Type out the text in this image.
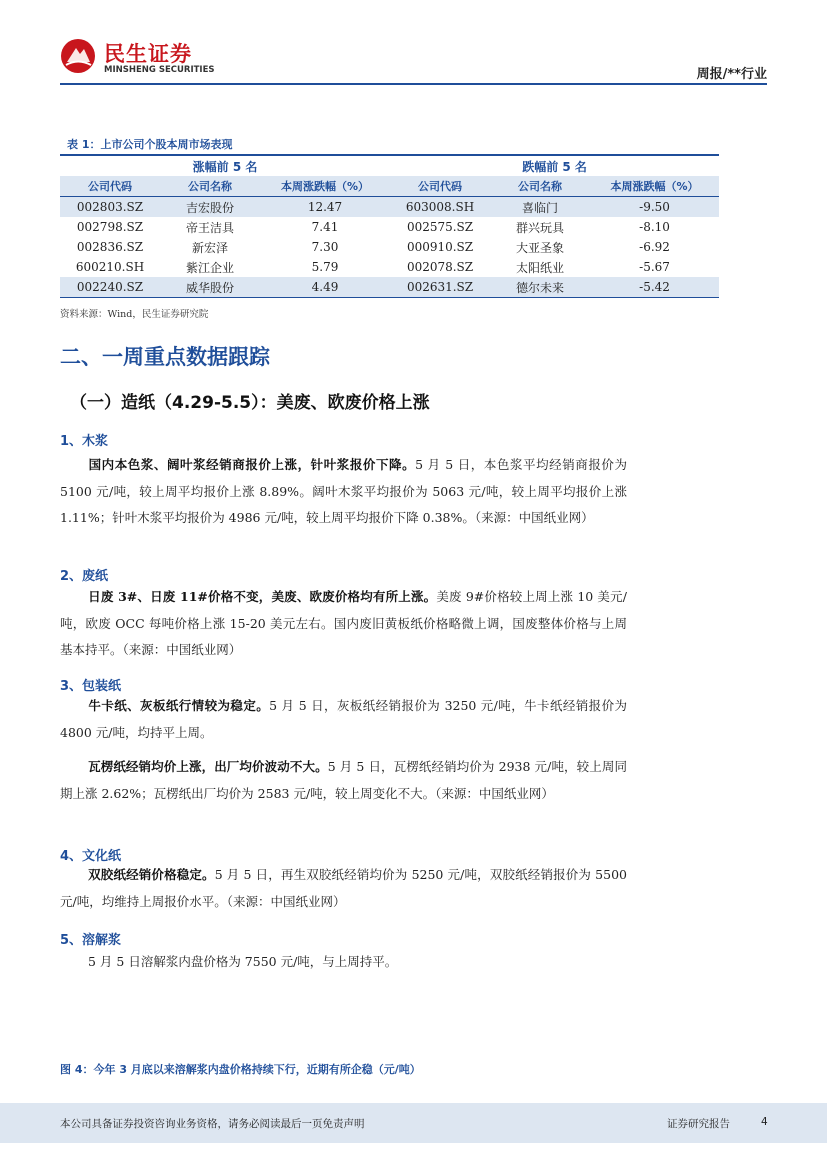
民生证券
MINSHENG SECURITIES	周报/**行业
表 1：上市公司个股本周市场表现
涨幅前 5 名			跌幅前 5 名		
公司代码	公司名称	本周涨跌幅（%）	公司代码	公司名称	本周涨跌幅（%）
002803.SZ	吉宏股份	12.47	603008.SH	喜临门	-9.50
002798.SZ	帝王洁具	7.41	002575.SZ	群兴玩具	-8.10
002836.SZ	新宏泽	7.30	000910.SZ	大亚圣象	-6.92
600210.SH	紫江企业	5.79	002078.SZ	太阳纸业	-5.67
002240.SZ	威华股份	4.49	002631.SZ	德尔未来	-5.42
资料来源：Wind，民生证券研究院
二、一周重点数据跟踪
（一）造纸（4.29-5.5）：美废、欧废价格上涨
1、木浆
国内本色浆、阔叶浆经销商报价上涨，针叶浆报价下降。5 月 5 日，本色浆平均经销商报价为 5100 元/吨，较上周平均报价上涨 8.89%。阔叶木浆平均报价为 5063 元/吨，较上周平均报价上涨 1.11%；针叶木浆平均报价为 4986 元/吨，较上周平均报价下降 0.38%。（来源：中国纸业网）
2、废纸
日废 3#、日废 11#价格不变，美废、欧废价格均有所上涨。美废 9#价格较上周上涨 10 美元/吨，欧废 OCC 每吨价格上涨 15-20 美元左右。国内废旧黄板纸价格略微上调，国废整体价格与上周基本持平。（来源：中国纸业网）
3、包装纸
牛卡纸、灰板纸行情较为稳定。5 月 5 日，灰板纸经销报价为 3250 元/吨，牛卡纸经销报价为 4800 元/吨，均持平上周。
瓦楞纸经销均价上涨，出厂均价波动不大。5 月 5 日，瓦楞纸经销均价为 2938 元/吨，较上周同期上涨 2.62%；瓦楞纸出厂均价为 2583 元/吨，较上周变化不大。（来源：中国纸业网）
4、文化纸
双胶纸经销价格稳定。5 月 5 日，再生双胶纸经销均价为 5250 元/吨，双胶纸经销报价为 5500 元/吨，均维持上周报价水平。（来源：中国纸业网）
5、溶解浆
5 月 5 日溶解浆内盘价格为 7550 元/吨，与上周持平。
图 4：今年 3 月底以来溶解浆内盘价格持续下行，近期有所企稳（元/吨）
本公司具备证券投资咨询业务资格，请务必阅读最后一页免责声明	证券研究报告	4
